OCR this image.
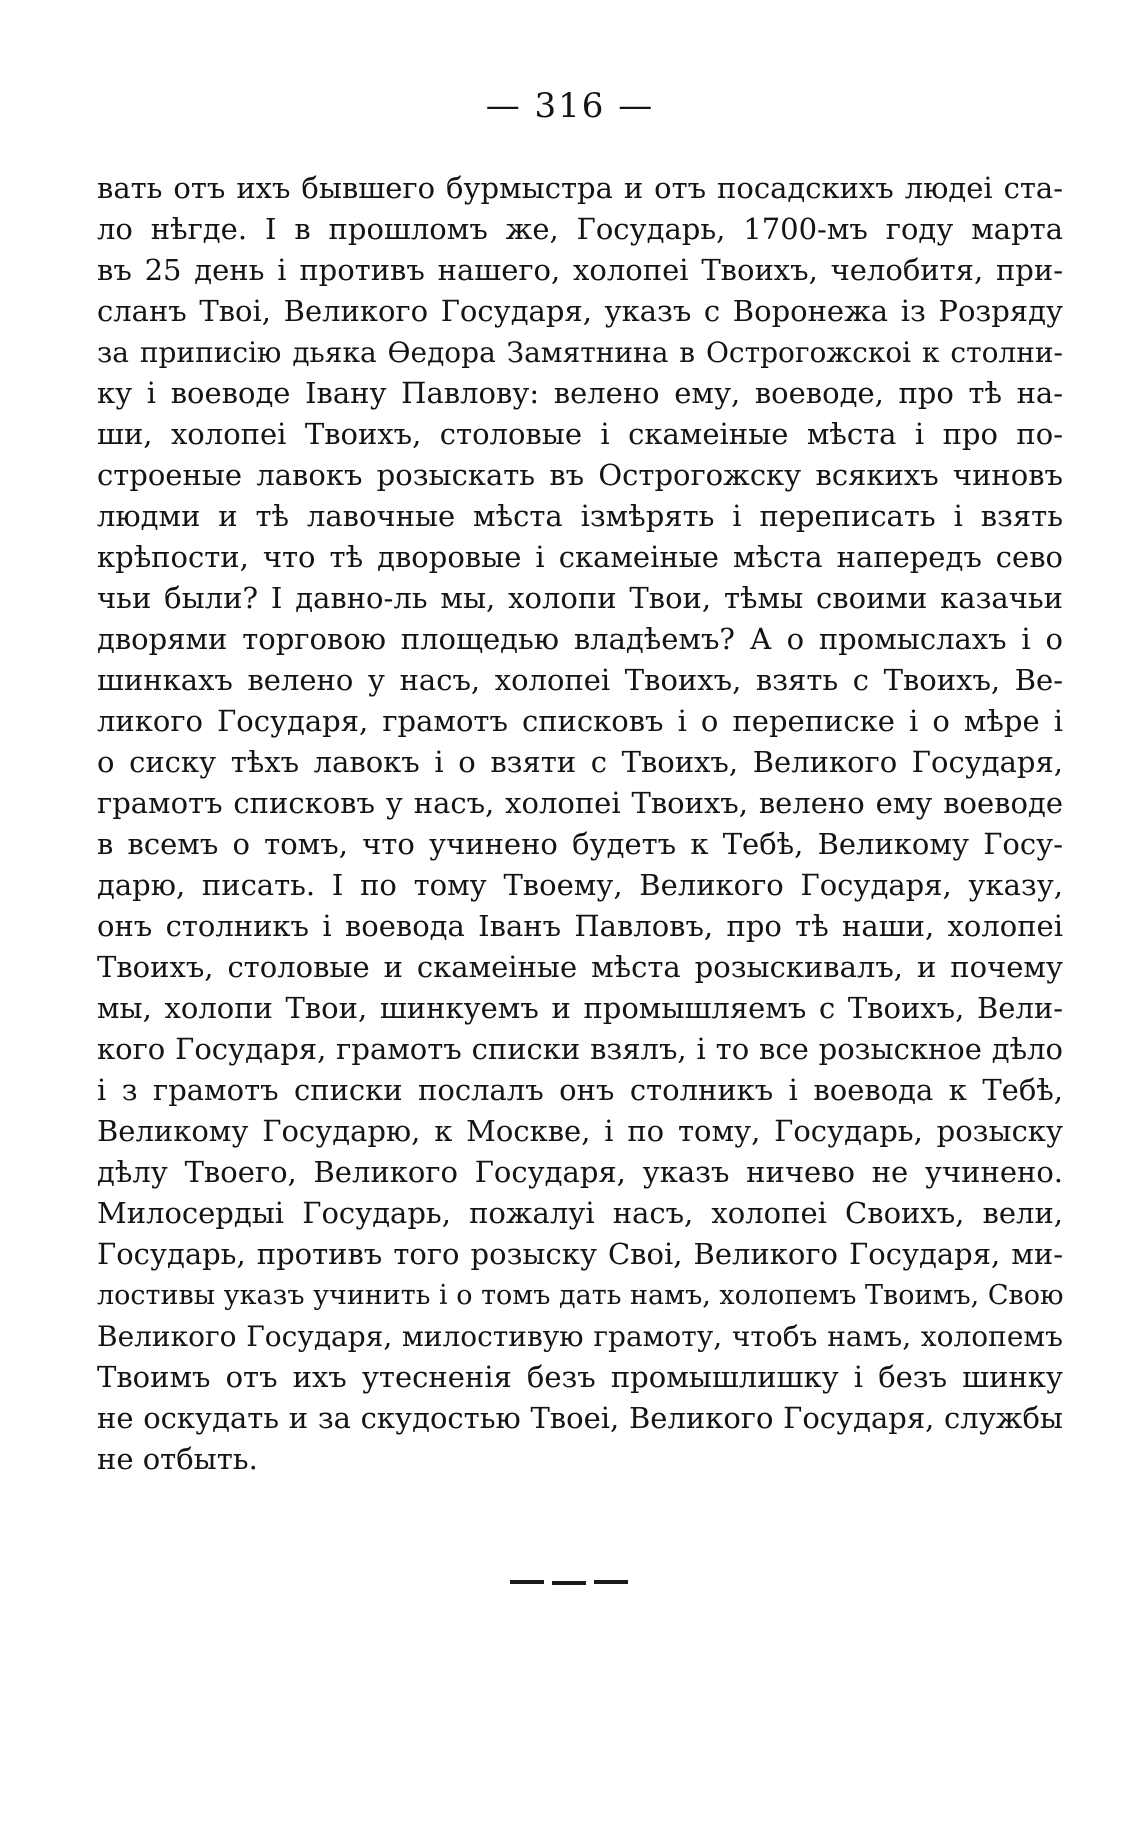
— 316 —
вать отъ ихъ бывшего бурмыстра и отъ посадскихъ людеі ста-
ло нѣгде. І в прошломъ же, Государь, 1700-мъ году марта
въ 25 день і противъ нашего, холопеі Твоихъ, челобитя, при-
сланъ Твоі, Великого Государя, указъ с Воронежа із Розряду
за приписію дьяка Ѳедора Замятнина в Острогожскоі к столни-
ку і воеводе Івану Павлову: велено ему, воеводе, про тѣ на-
ши, холопеі Твоихъ, столовые і скамеіные мѣста і про по-
строеные лавокъ розыскать въ Острогожску всякихъ чиновъ
людми и тѣ лавочные мѣста ізмѣрять і переписать і взять
крѣпости, что тѣ дворовые і скамеіные мѣста напередъ сево
чьи были? І давно-ль мы, холопи Твои, тѣмы своими казачьи
дворями торговою площедью владѣемъ? А о промыслахъ і о
шинкахъ велено у насъ, холопеі Твоихъ, взять с Твоихъ, Ве-
ликого Государя, грамотъ списковъ і о переписке і о мѣре і
о сиску тѣхъ лавокъ і о взяти с Твоихъ, Великого Государя,
грамотъ списковъ у насъ, холопеі Твоихъ, велено ему воеводе
в всемъ о томъ, что учинено будетъ к Тебѣ, Великому Госу-
дарю, писать. І по тому Твоему, Великого Государя, указу,
онъ столникъ і воевода Іванъ Павловъ, про тѣ наши, холопеі
Твоихъ, столовые и скамеіные мѣста розыскивалъ, и почему
мы, холопи Твои, шинкуемъ и промышляемъ с Твоихъ, Вели-
кого Государя, грамотъ списки взялъ, і то все розыскное дѣло
і з грамотъ списки послалъ онъ столникъ і воевода к Тебѣ,
Великому Государю, к Москве, і по тому, Государь, розыску
дѣлу Твоего, Великого Государя, указъ ничево не учинено.
Милосердыі Государь, пожалуі насъ, холопеі Своихъ, вели,
Государь, противъ того розыску Своі, Великого Государя, ми-
лостивы указъ учинить і о томъ дать намъ, холопемъ Твоимъ, Свою
Великого Государя, милостивую грамоту, чтобъ намъ, холопемъ
Твоимъ отъ ихъ утесненія безъ промышлишку і безъ шинку
не оскудать и за скудостью Твоеі, Великого Государя, службы
не отбыть.
